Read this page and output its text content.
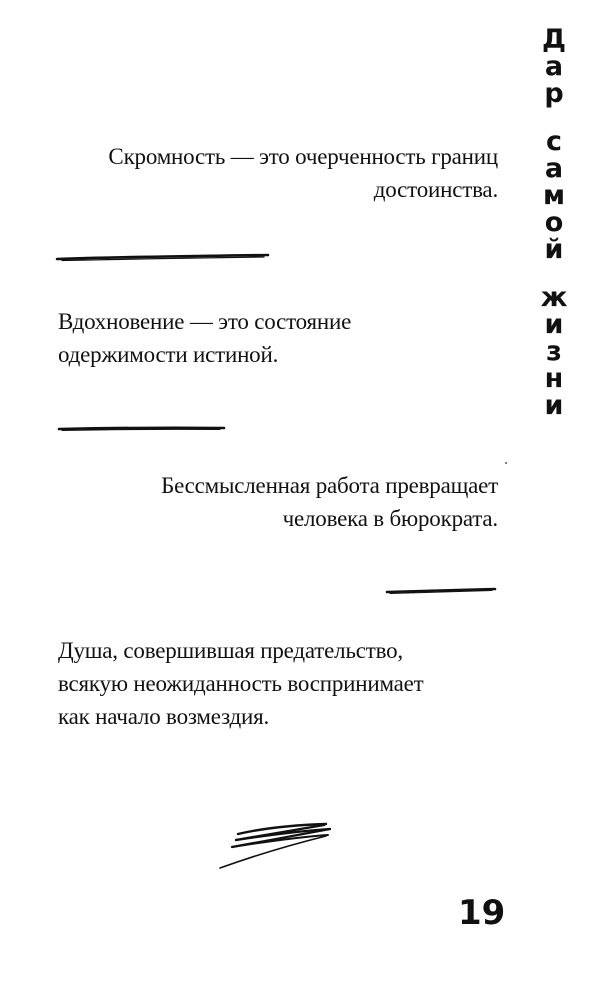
Скромность — это очерченность границ
достоинства.
Вдохновение — это состояние
одержимости истиной.
Бессмысленная работа превращает
человека в бюрократа.
Душа, совершившая предательство,
всякую неожиданность воспринимает
как начало возмездия.
Д
а
р
с
а
м
о
й
ж
и
з
н
и
19
